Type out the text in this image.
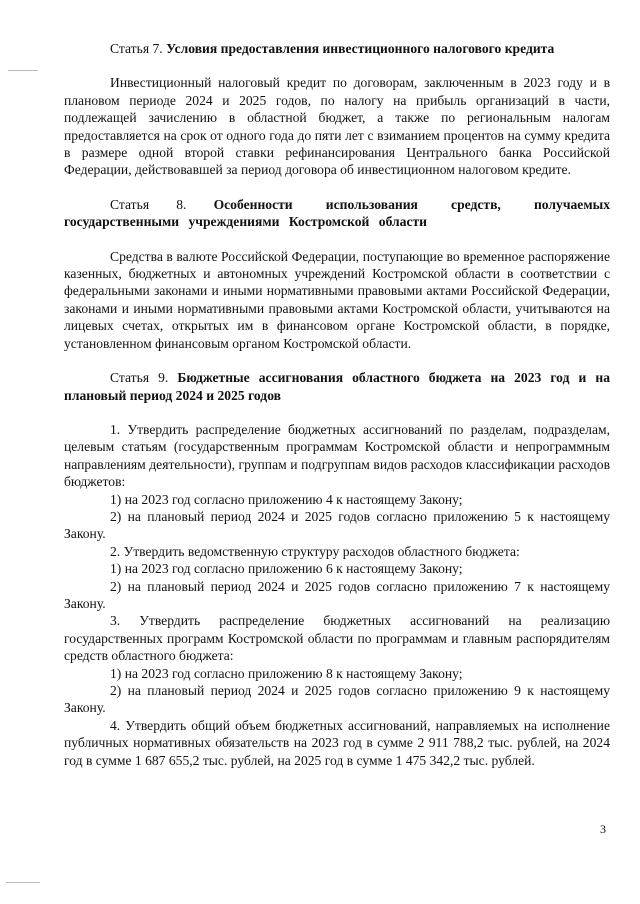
Статья 7. Условия предоставления инвестиционного налогового кредита

Инвестиционный налоговый кредит по договорам, заключенным в 2023 году и в плановом периоде 2024 и 2025 годов, по налогу на прибыль организаций в части, подлежащей зачислению в областной бюджет, а также по региональным налогам предоставляется на срок от одного года до пяти лет с взиманием процентов на сумму кредита в размере одной второй ставки рефинансирования Центрального банка Российской Федерации, действовавшей за период договора об инвестиционном налоговом кредите.

Статья 8. Особенности использования средств, получаемых государственными учреждениями Костромской области

Средства в валюте Российской Федерации, поступающие во временное распоряжение казенных, бюджетных и автономных учреждений Костромской области в соответствии с федеральными законами и иными нормативными правовыми актами Российской Федерации, законами и иными нормативными правовыми актами Костромской области, учитываются на лицевых счетах, открытых им в финансовом органе Костромской области, в порядке, установленном финансовым органом Костромской области.

Статья 9. Бюджетные ассигнования областного бюджета на 2023 год и на плановый период 2024 и 2025 годов

1. Утвердить распределение бюджетных ассигнований по разделам, подразделам, целевым статьям (государственным программам Костромской области и непрограммным направлениям деятельности), группам и подгруппам видов расходов классификации расходов бюджетов:

1) на 2023 год согласно приложению 4 к настоящему Закону;

2) на плановый период 2024 и 2025 годов согласно приложению 5 к настоящему Закону.

2. Утвердить ведомственную структуру расходов областного бюджета:

1) на 2023 год согласно приложению 6 к настоящему Закону;

2) на плановый период 2024 и 2025 годов согласно приложению 7 к настоящему Закону.

3. Утвердить распределение бюджетных ассигнований на реализацию государственных программ Костромской области по программам и главным распорядителям средств областного бюджета:

1) на 2023 год согласно приложению 8 к настоящему Закону;

2) на плановый период 2024 и 2025 годов согласно приложению 9 к настоящему Закону.

4. Утвердить общий объем бюджетных ассигнований, направляемых на исполнение публичных нормативных обязательств на 2023 год в сумме 2 911 788,2 тыс. рублей, на 2024 год в сумме 1 687 655,2 тыс. рублей, на 2025 год в сумме 1 475 342,2 тыс. рублей.

3
